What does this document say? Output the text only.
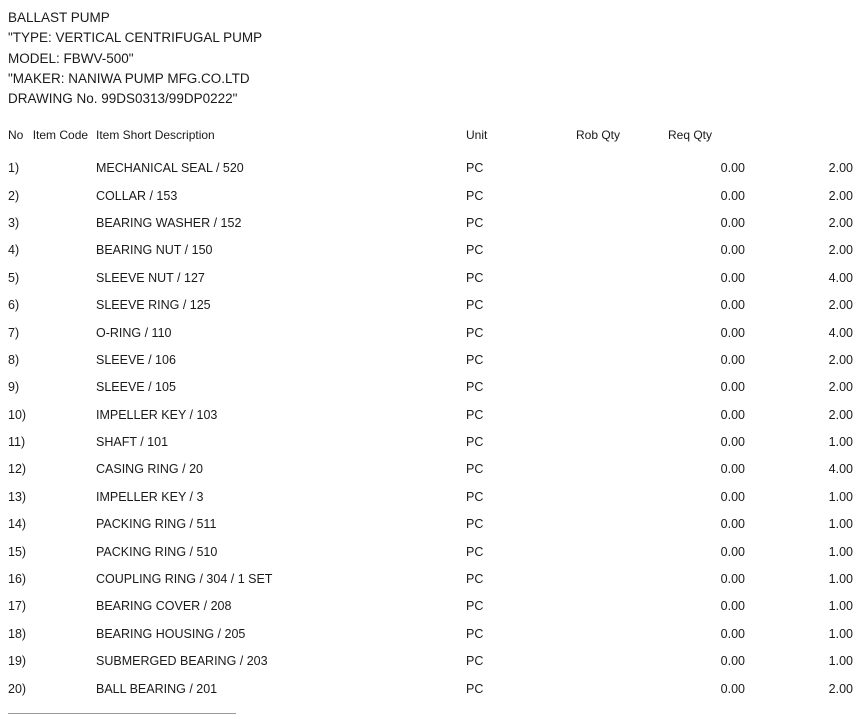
BALLAST PUMP
"TYPE: VERTICAL CENTRIFUGAL PUMP
MODEL: FBWV-500"
"MAKER: NANIWA PUMP MFG.CO.LTD
DRAWING No. 99DS0313/99DP0222"
No Item Code	Item Short Description	Unit	Rob Qty	Req Qty	
1)	MECHANICAL SEAL / 520	PC		0.00	2.00
2)	COLLAR / 153	PC		0.00	2.00
3)	BEARING WASHER / 152	PC		0.00	2.00
4)	BEARING NUT / 150	PC		0.00	2.00
5)	SLEEVE NUT / 127	PC		0.00	4.00
6)	SLEEVE RING / 125	PC		0.00	2.00
7)	O-RING / 110	PC		0.00	4.00
8)	SLEEVE / 106	PC		0.00	2.00
9)	SLEEVE / 105	PC		0.00	2.00
10)	IMPELLER KEY / 103	PC		0.00	2.00
11)	SHAFT / 101	PC		0.00	1.00
12)	CASING RING / 20	PC		0.00	4.00
13)	IMPELLER KEY / 3	PC		0.00	1.00
14)	PACKING RING / 511	PC		0.00	1.00
15)	PACKING RING / 510	PC		0.00	1.00
16)	COUPLING RING / 304 / 1 SET	PC		0.00	1.00
17)	BEARING COVER / 208	PC		0.00	1.00
18)	BEARING HOUSING / 205	PC		0.00	1.00
19)	SUBMERGED BEARING / 203	PC		0.00	1.00
20)	BALL BEARING / 201	PC		0.00	2.00
